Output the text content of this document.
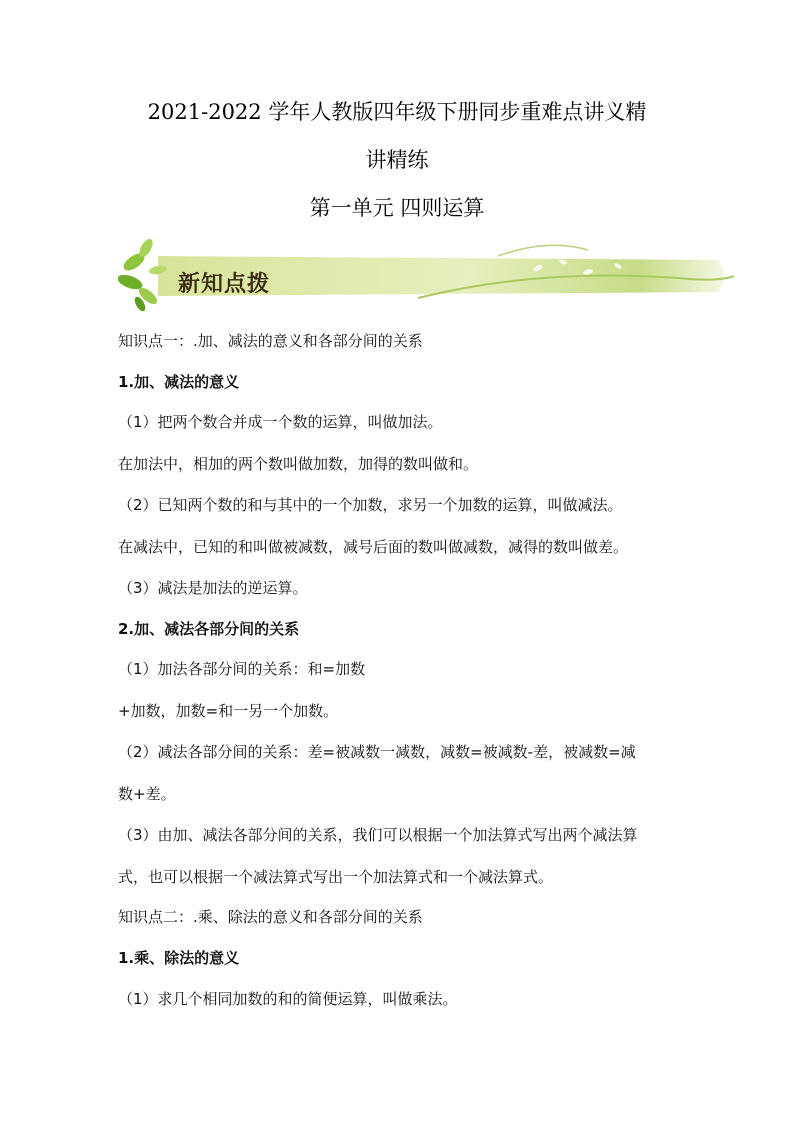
2021-2022 学年人教版四年级下册同步重难点讲义精
讲精练
第一单元 四则运算
新知点拨
知识点一：.加、减法的意义和各部分间的关系
1.加、减法的意义
（1）把两个数合并成一个数的运算，叫做加法。
在加法中，相加的两个数叫做加数，加得的数叫做和。
（2）已知两个数的和与其中的一个加数，求另一个加数的运算，叫做减法。
在减法中，已知的和叫做被减数，减号后面的数叫做减数，减得的数叫做差。
（3）减法是加法的逆运算。
2.加、减法各部分间的关系
（1）加法各部分间的关系：和=加数
+加数，加数=和一另一个加数。
（2）减法各部分间的关系：差=被减数一减数，减数=被减数-差，被减数=减
数+差。
（3）由加、减法各部分间的关系，我们可以根据一个加法算式写出两个减法算
式，也可以根据一个减法算式写出一个加法算式和一个减法算式。
知识点二：.乘、除法的意义和各部分间的关系
1.乘、除法的意义
（1）求几个相同加数的和的简便运算，叫做乘法。
